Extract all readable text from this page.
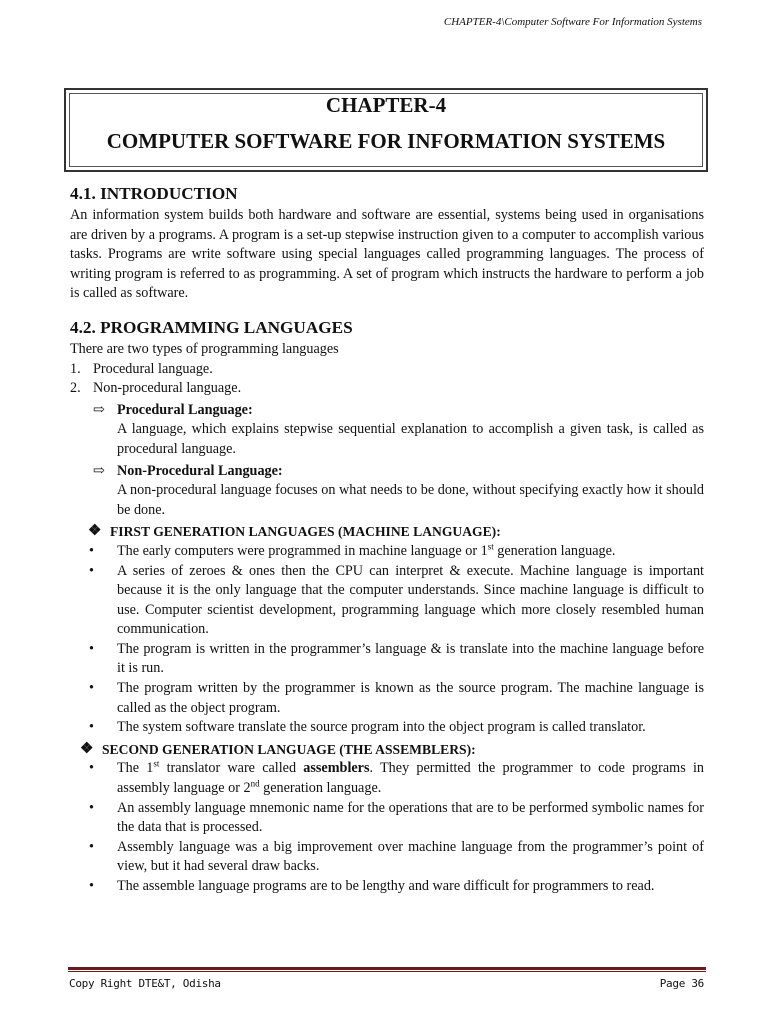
CHAPTER-4\Computer Software For Information Systems
CHAPTER-4
COMPUTER SOFTWARE FOR INFORMATION SYSTEMS
4.1. INTRODUCTION

An information system builds both hardware and software are essential, systems being used in organisations are driven by a programs. A program is a set-up stepwise instruction given to a computer to accomplish various tasks. Programs are write software using special languages called programming languages. The process of writing program is referred to as programming. A set of program which instructs the hardware to perform a job is called as software.

4.2. PROGRAMMING LANGUAGES

There are two types of programming languages

1. Procedural language.
2. Non-procedural language.
⇨ Procedural Language:
A language, which explains stepwise sequential explanation to accomplish a given task, is called as procedural language.
⇨ Non-Procedural Language:
A non-procedural language focuses on what needs to be done, without specifying exactly how it should be done.
❖ FIRST GENERATION LANGUAGES (MACHINE LANGUAGE):
•	The early computers were programmed in machine language or 1st generation language.
•	A series of zeroes & ones then the CPU can interpret & execute. Machine language is important because it is the only language that the computer understands. Since machine language is difficult to use. Computer scientist development, programming language which more closely resembled human communication.
•	The program is written in the programmer’s language & is translate into the machine language before it is run.
•	The program written by the programmer is known as the source program. The machine language is called as the object program.
•	The system software translate the source program into the object program is called translator.
❖ SECOND GENERATION LANGUAGE (THE ASSEMBLERS):
•	The 1st translator ware called assemblers. They permitted the programmer to code programs in assembly language or 2nd generation language.
•	An assembly language mnemonic name for the operations that are to be performed symbolic names for the data that is processed.
•	Assembly language was a big improvement over machine language from the programmer’s point of view, but it had several draw backs.
•	The assemble language programs are to be lengthy and ware difficult for programmers to read.
Copy Right DTE&T, Odisha	Page 36
